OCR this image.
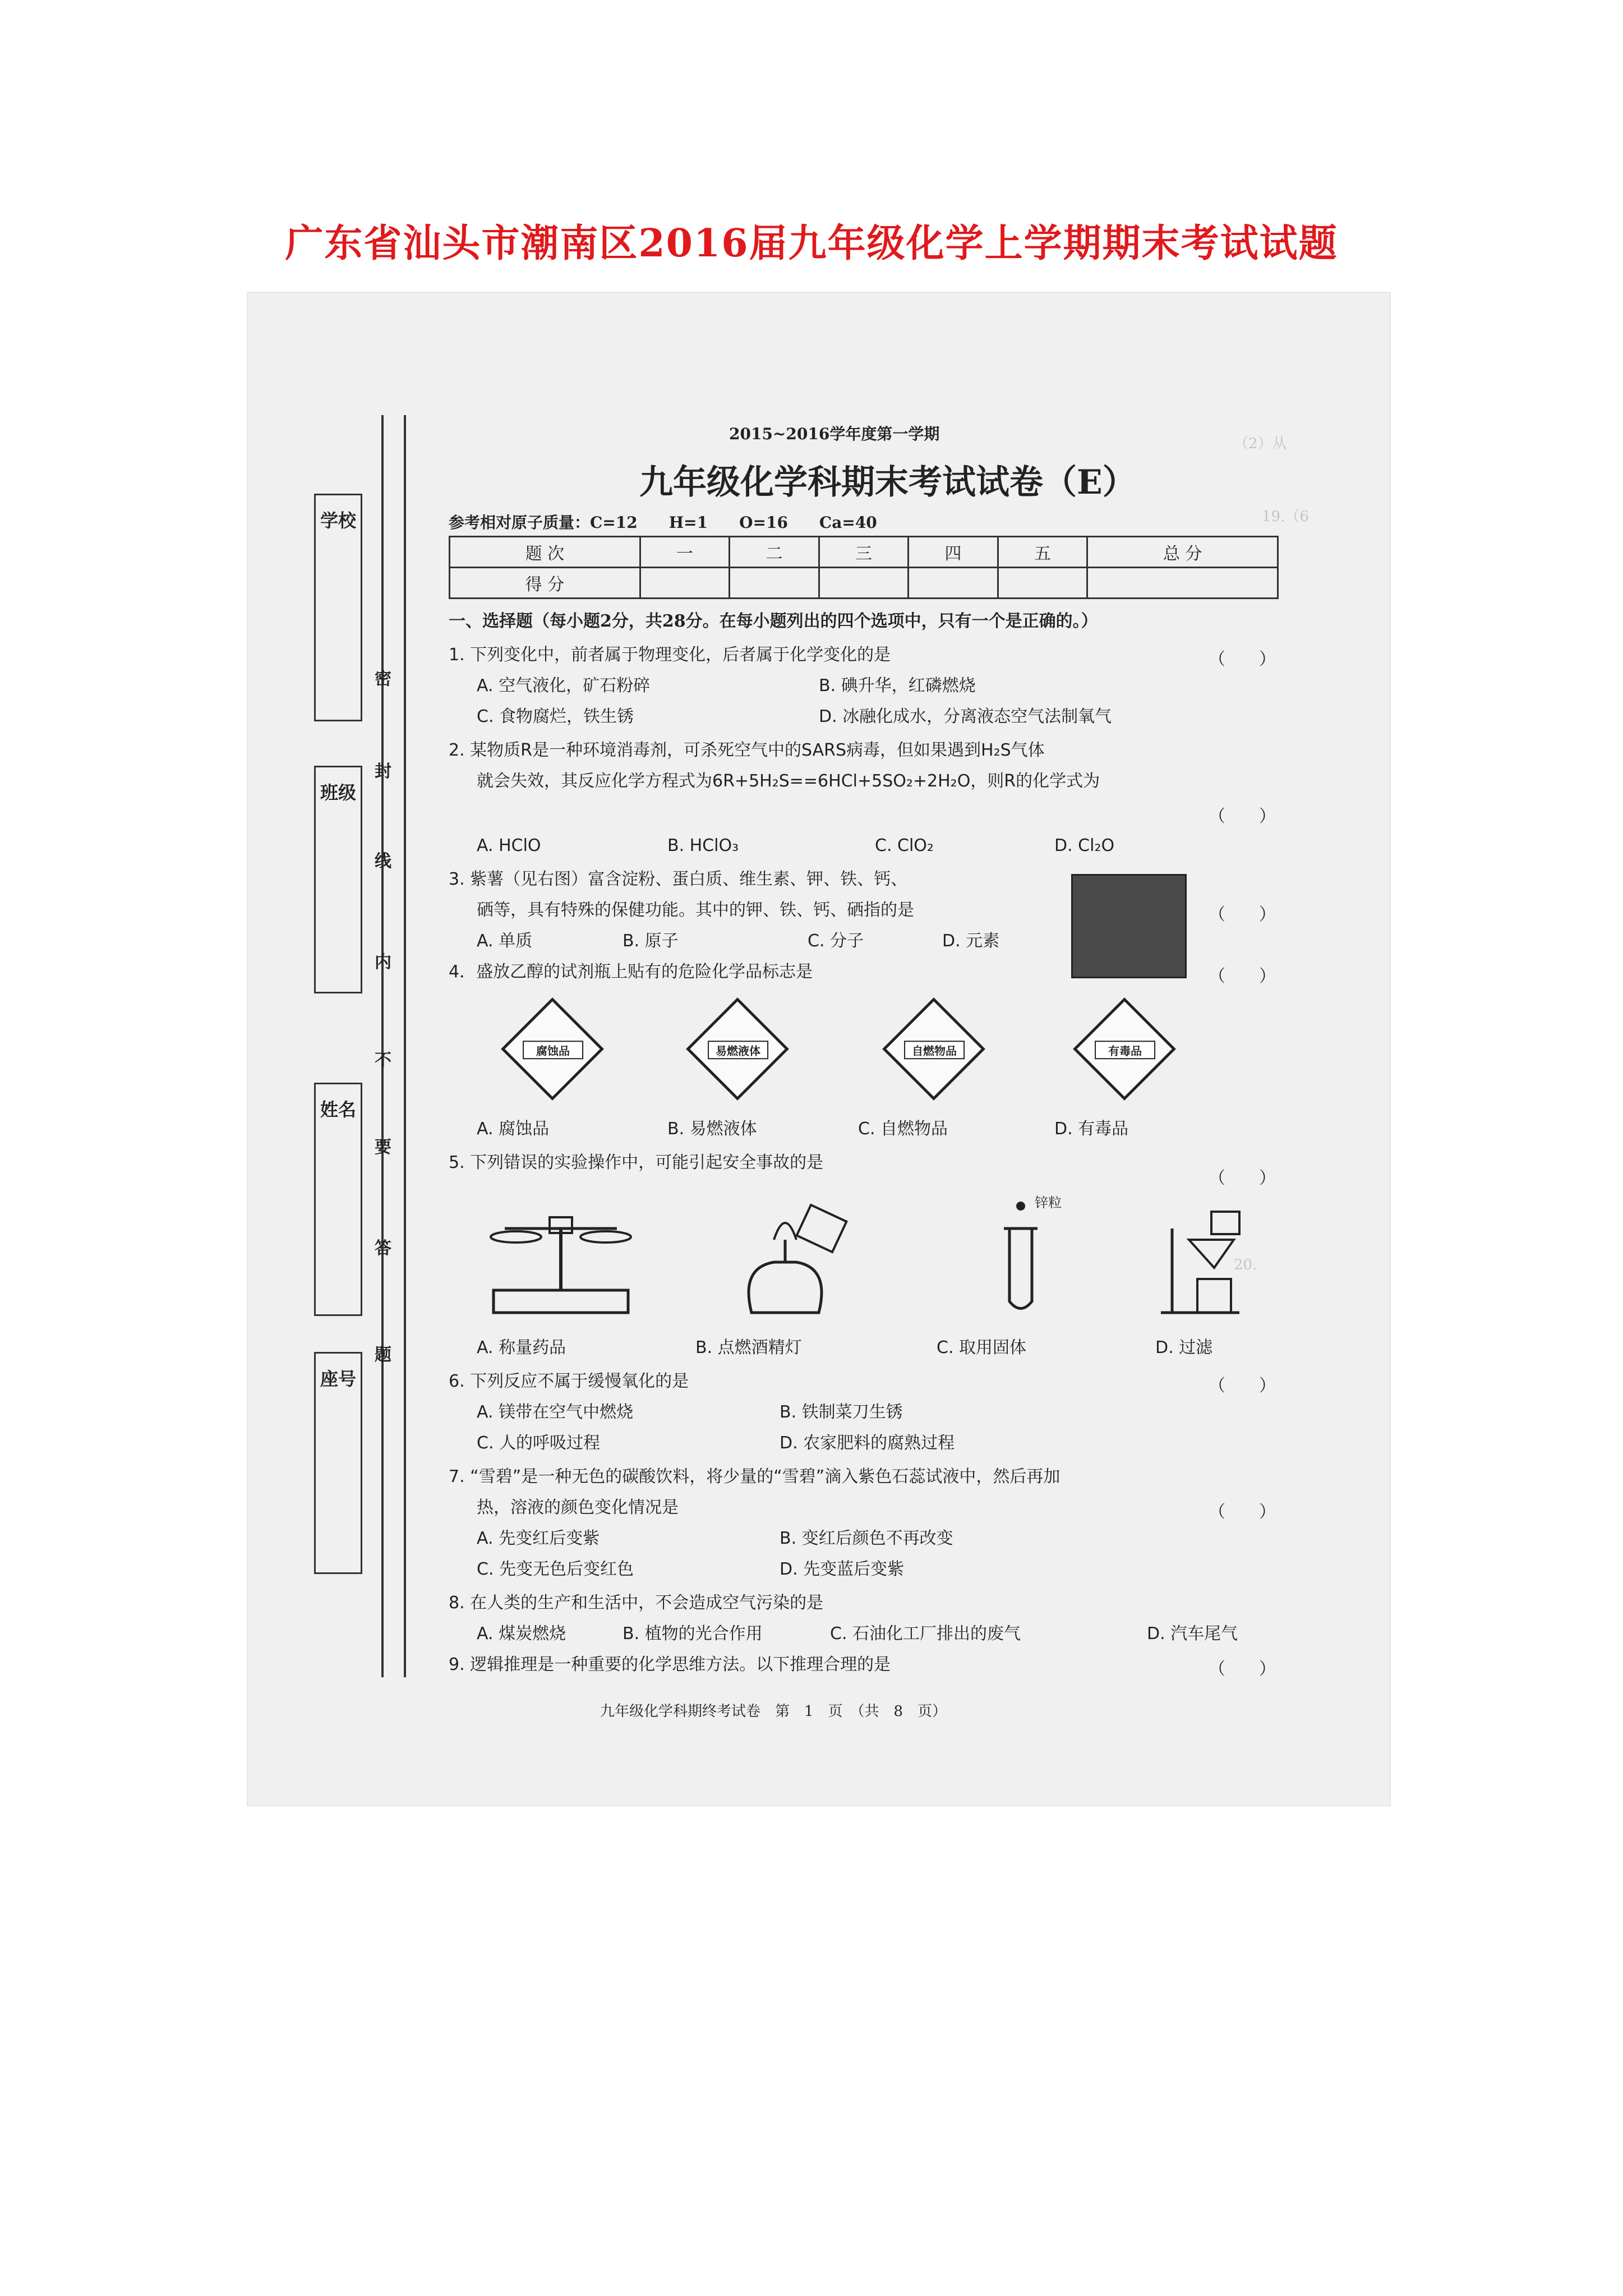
广东省汕头市潮南区2016届九年级化学上学期期末考试试题
（2）从
19.（6
20.
学校
班级
姓名
座号
密
封
线
内
不
要
答
题
2015~2016学年度第一学期
九年级化学科期末考试试卷（E）
参考相对原子质量：C=12　　H=1　　O=16　　Ca=40
题 次	一	二	三	四	五	总 分
得 分						
一、选择题（每小题2分，共28分。在每小题列出的四个选项中，只有一个是正确的。）
1. 下列变化中，前者属于物理变化，后者属于化学变化的是	（　　）
A. 空气液化，矿石粉碎	B. 碘升华，红磷燃烧
C. 食物腐烂，铁生锈	D. 冰融化成水，分离液态空气法制氧气
2. 某物质R是一种环境消毒剂，可杀死空气中的SARS病毒，但如果遇到H₂S气体
就会失效，其反应化学方程式为6R+5H₂S==6HCl+5SO₂+2H₂O，则R的化学式为
（　　）
A. HClO	B. HClO₃	C. ClO₂	D. Cl₂O
3. 紫薯（见右图）富含淀粉、蛋白质、维生素、钾、铁、钙、
硒等，具有特殊的保健功能。其中的钾、铁、钙、硒指的是	（　　）
A. 单质	B. 原子	C. 分子	D. 元素
4．盛放乙醇的试剂瓶上贴有的危险化学品标志是	（　　）
腐蚀品	易燃液体	自燃物品	有毒品
A. 腐蚀品	B. 易燃液体	C. 自燃物品	D. 有毒品
5. 下列错误的实验操作中，可能引起安全事故的是
（　　）
锌粒
A. 称量药品	B. 点燃酒精灯	C. 取用固体	D. 过滤
6. 下列反应不属于缓慢氧化的是	（　　）
A. 镁带在空气中燃烧	B. 铁制菜刀生锈
C. 人的呼吸过程	D. 农家肥料的腐熟过程
7. “雪碧”是一种无色的碳酸饮料，将少量的“雪碧”滴入紫色石蕊试液中，然后再加
热，溶液的颜色变化情况是	（　　）
A. 先变红后变紫	B. 变红后颜色不再改变
C. 先变无色后变红色	D. 先变蓝后变紫
8. 在人类的生产和生活中，不会造成空气污染的是
A. 煤炭燃烧	B. 植物的光合作用	C. 石油化工厂排出的废气	D. 汽车尾气
9. 逻辑推理是一种重要的化学思维方法。以下推理合理的是	（　　）
九年级化学科期终考试卷　第　1　页　（共　8　页）
